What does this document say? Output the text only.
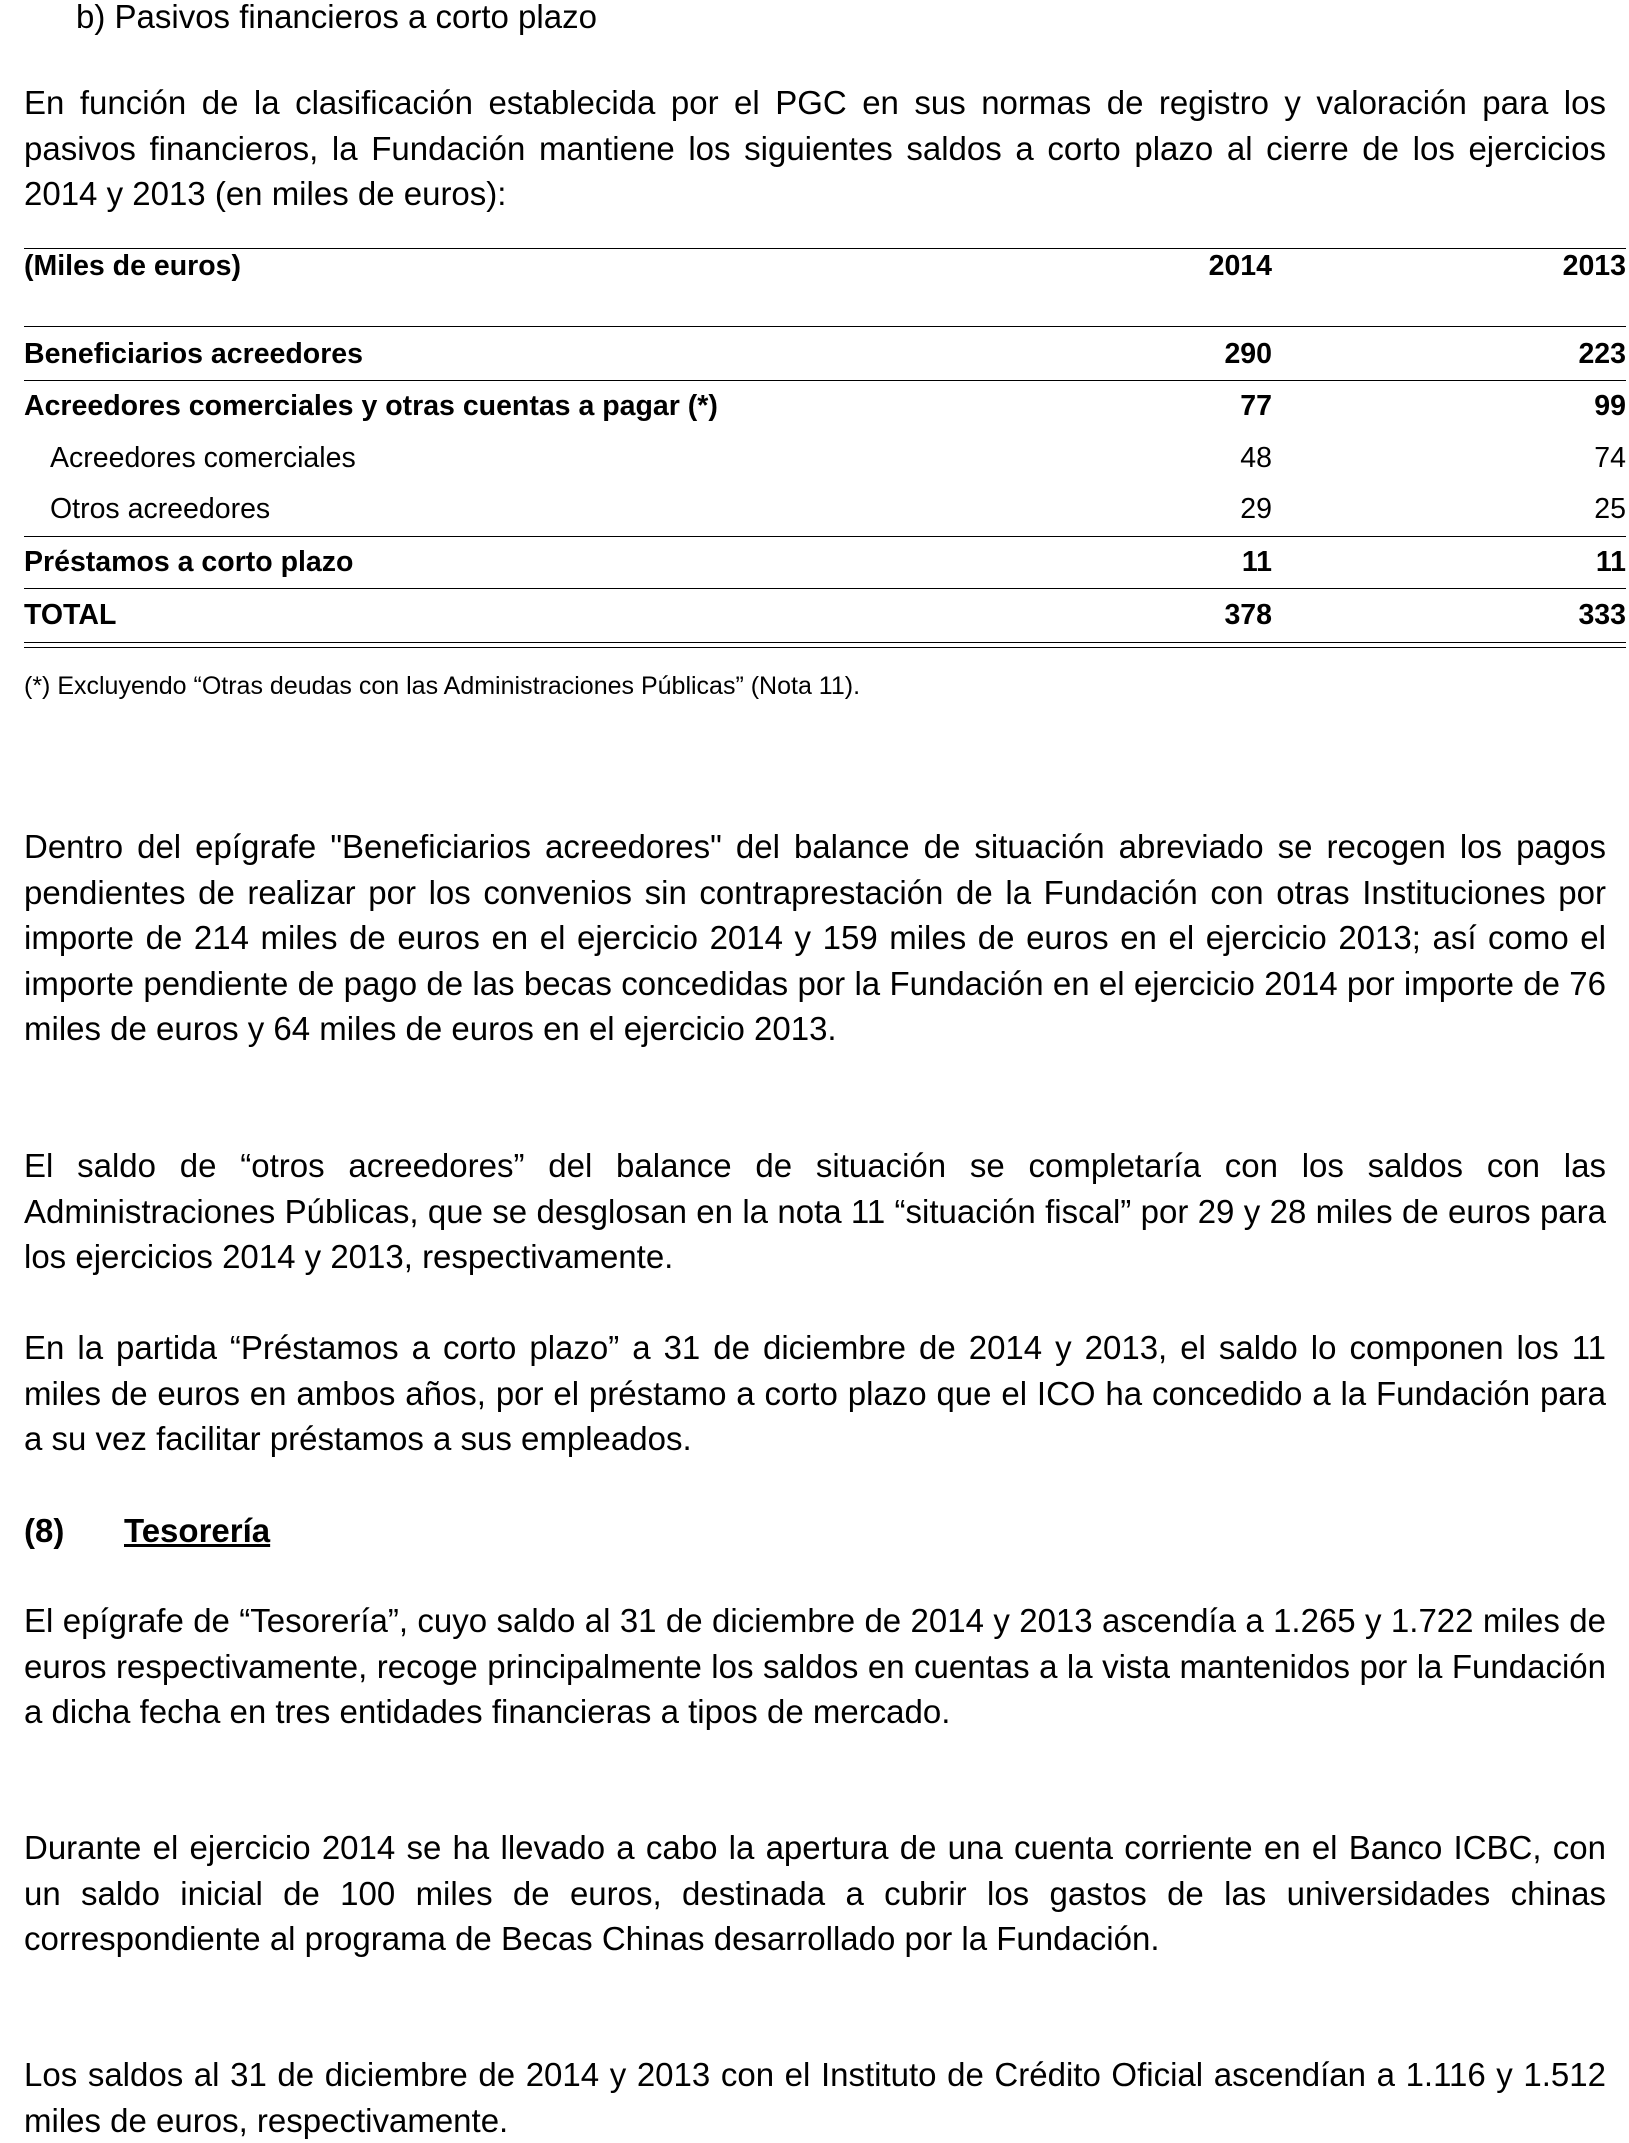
b) Pasivos financieros a corto plazo

En función de la clasificación establecida por el PGC en sus normas de registro y valoración para los pasivos financieros, la Fundación mantiene los siguientes saldos a corto plazo al cierre de los ejercicios 2014 y 2013 (en miles de euros):

(Miles de euros)	2014	2013
Beneficiarios acreedores	290	223
Acreedores comerciales y otras cuentas a pagar (*)	77	99
Acreedores comerciales	48	74
Otros acreedores	29	25
Préstamos a corto plazo	11	11
TOTAL	378	333

(*) Excluyendo “Otras deudas con las Administraciones Públicas” (Nota 11).

Dentro del epígrafe "Beneficiarios acreedores" del balance de situación abreviado se recogen los pagos pendientes de realizar por los convenios sin contraprestación de la Fundación con otras Instituciones por importe de 214 miles de euros en el ejercicio 2014 y 159 miles de euros en el ejercicio 2013; así como el importe pendiente de pago de las becas concedidas por la Fundación en el ejercicio 2014 por importe de 76 miles de euros y 64 miles de euros en el ejercicio 2013.

El saldo de “otros acreedores” del balance de situación se completaría con los saldos con las Administraciones Públicas, que se desglosan en la nota 11 “situación fiscal” por 29 y 28 miles de euros para los ejercicios 2014 y 2013, respectivamente.

En la partida “Préstamos a corto plazo” a 31 de diciembre de 2014 y 2013, el saldo lo componen los 11 miles de euros en ambos años, por el préstamo a corto plazo que el ICO ha concedido a la Fundación para a su vez facilitar préstamos a sus empleados.

(8) Tesorería

El epígrafe de “Tesorería”, cuyo saldo al 31 de diciembre de 2014 y 2013 ascendía a 1.265 y 1.722 miles de euros respectivamente, recoge principalmente los saldos en cuentas a la vista mantenidos por la Fundación a dicha fecha en tres entidades financieras a tipos de mercado.

Durante el ejercicio 2014 se ha llevado a cabo la apertura de una cuenta corriente en el Banco ICBC, con un saldo inicial de 100 miles de euros, destinada a cubrir los gastos de las universidades chinas correspondiente al programa de Becas Chinas desarrollado por la Fundación.

Los saldos al 31 de diciembre de 2014 y 2013 con el Instituto de Crédito Oficial ascendían a 1.116 y 1.512 miles de euros, respectivamente.
